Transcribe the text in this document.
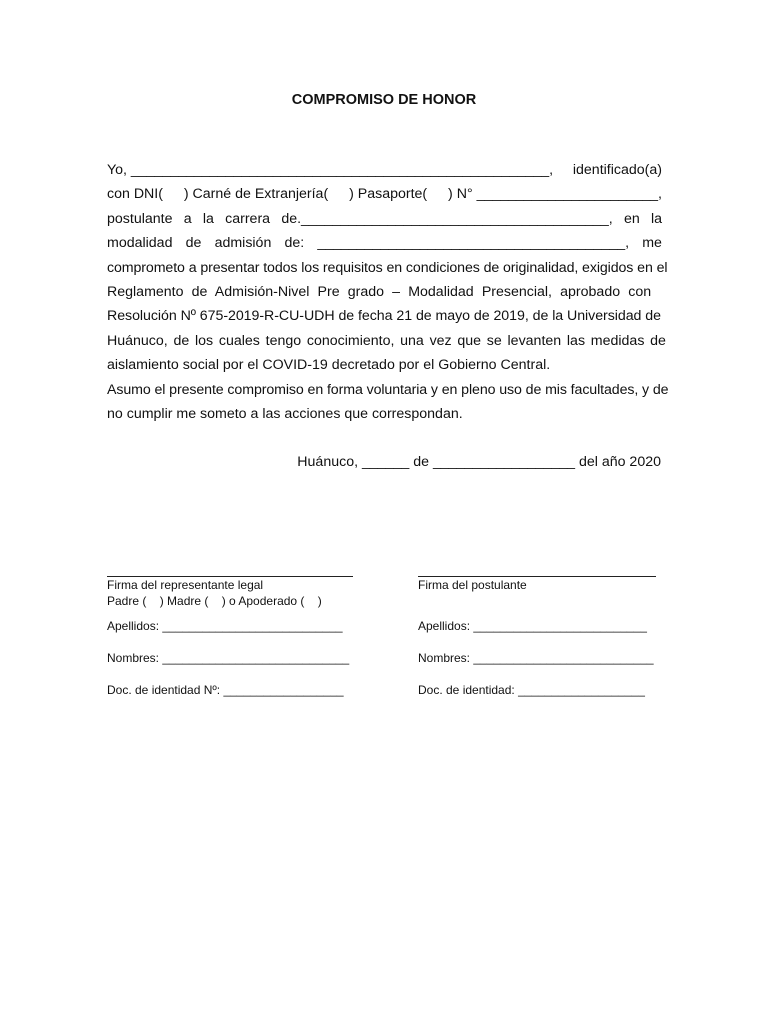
COMPROMISO DE HONOR
Yo, _____________________________________________________, identificado(a)
con DNI( ) Carné de Extranjería( ) Pasaporte( ) N° _______________________,
postulante a la carrera de._______________________________________, en la
modalidad de admisión de: _______________________________________, me
comprometo a presentar todos los requisitos en condiciones de originalidad, exigidos en el
Reglamento de Admisión-Nivel Pre grado – Modalidad Presencial, aprobado con
Resolución Nº 675-2019-R-CU-UDH de fecha 21 de mayo de 2019, de la Universidad de
Huánuco, de los cuales tengo conocimiento, una vez que se levanten las medidas de
aislamiento social por el COVID-19 decretado por el Gobierno Central.
Asumo el presente compromiso en forma voluntaria y en pleno uso de mis facultades, y de
no cumplir me someto a las acciones que correspondan.
Huánuco, ______ de __________________ del año 2020
Firma del representante legal
Padre (    ) Madre (    ) o Apoderado (    )
Apellidos: ___________________________
Nombres: ____________________________
Doc. de identidad Nº: __________________
Firma del postulante
Apellidos: __________________________
Nombres: ___________________________
Doc. de identidad: ___________________
